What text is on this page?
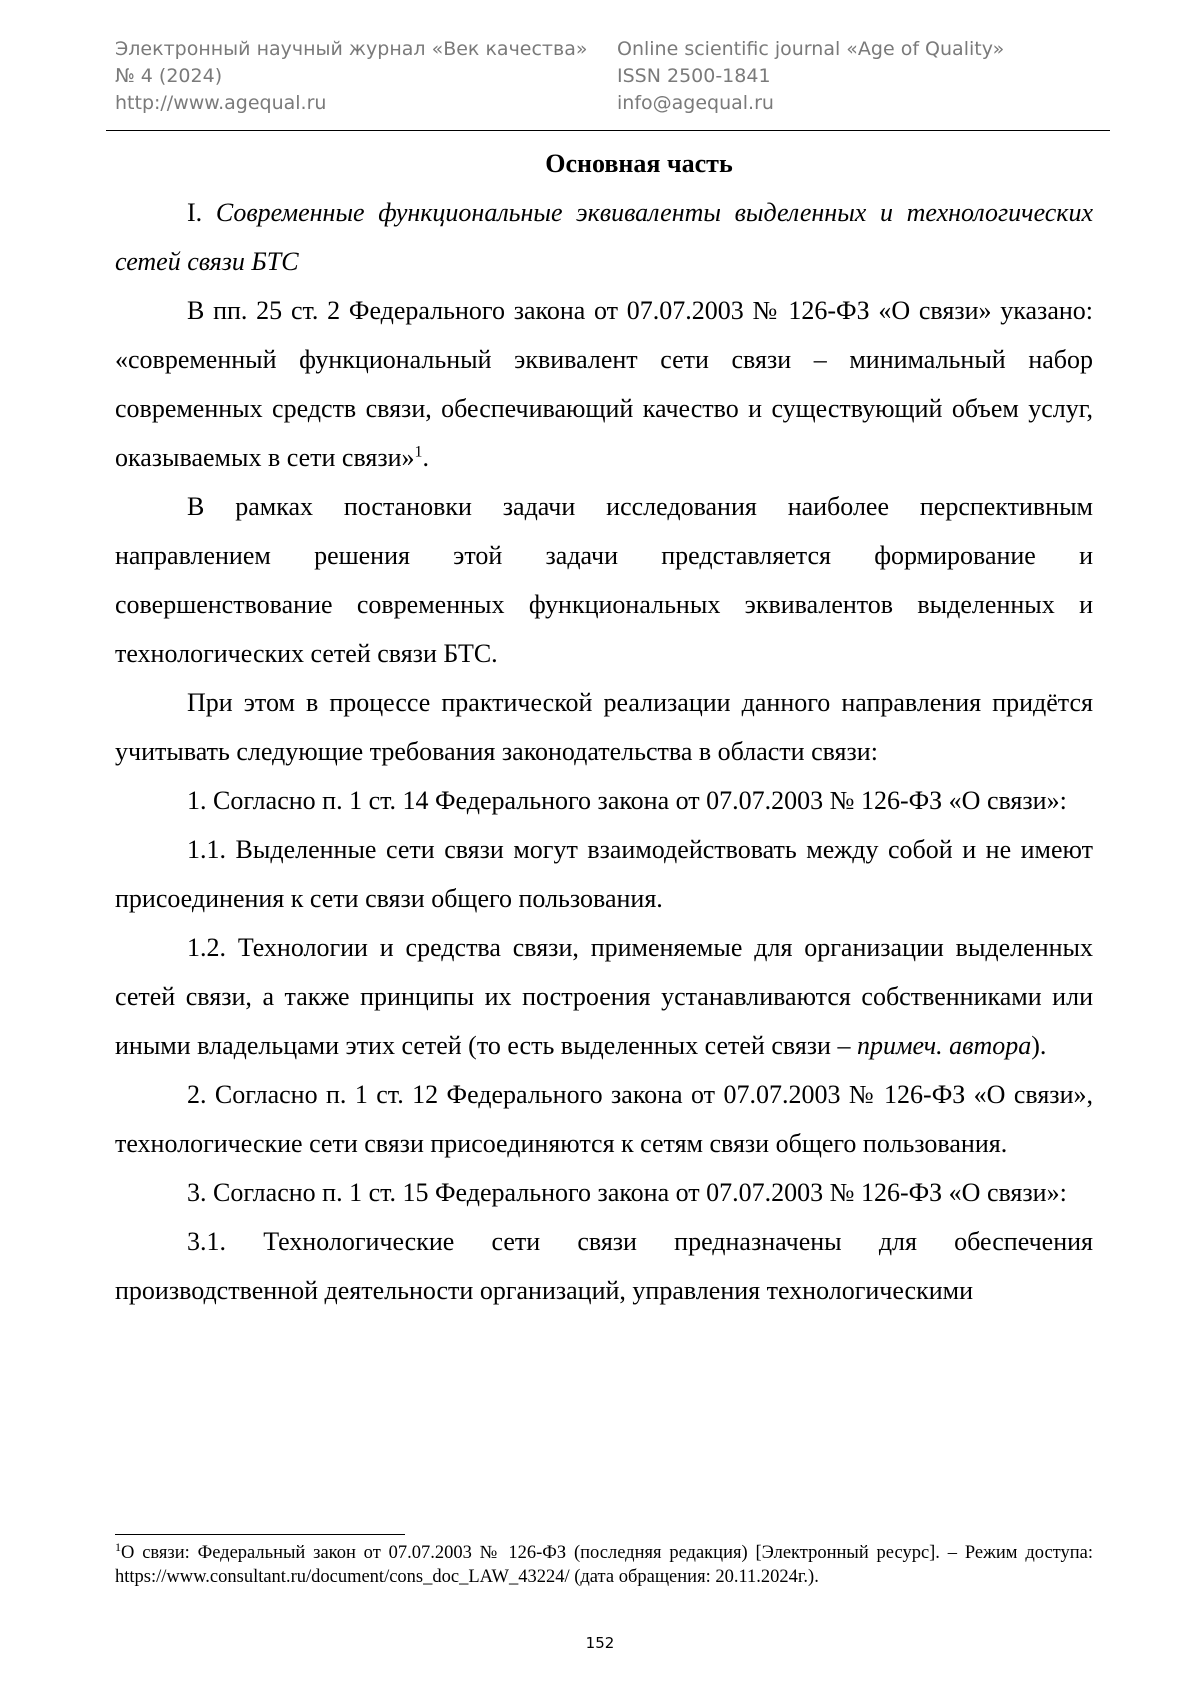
Электронный научный журнал «Век качества»
№ 4 (2024)
http://www.agequal.ru
Online scientific journal «Age of Quality»
ISSN 2500-1841
info@agequal.ru

Основная часть

I. Современные функциональные эквиваленты выделенных и технологических сетей связи БТС

В пп. 25 ст. 2 Федерального закона от 07.07.2003 № 126-ФЗ «О связи» указано: «современный функциональный эквивалент сети связи – минимальный набор современных средств связи, обеспечивающий качество и существующий объем услуг, оказываемых в сети связи»$^1$.

В рамках постановки задачи исследования наиболее перспективным направлением решения этой задачи представляется формирование и совершенствование современных функциональных эквивалентов выделенных и технологических сетей связи БТС.

При этом в процессе практической реализации данного направления придётся учитывать следующие требования законодательства в области связи:

1. Согласно п. 1 ст. 14 Федерального закона от 07.07.2003 № 126-ФЗ «О связи»:

1.1. Выделенные сети связи могут взаимодействовать между собой и не имеют присоединения к сети связи общего пользования.

1.2. Технологии и средства связи, применяемые для организации выделенных сетей связи, а также принципы их построения устанавливаются собственниками или иными владельцами этих сетей (то есть выделенных сетей связи – примеч. автора).

2. Согласно п. 1 ст. 12 Федерального закона от 07.07.2003 № 126-ФЗ «О связи», технологические сети связи присоединяются к сетям связи общего пользования.

3. Согласно п. 1 ст. 15 Федерального закона от 07.07.2003 № 126-ФЗ «О связи»:

3.1. Технологические сети связи предназначены для обеспечения производственной деятельности организаций, управления технологическими

$^1$О связи: Федеральный закон от 07.07.2003 № 126-ФЗ (последняя редакция) [Электронный ресурс]. – Режим доступа: https://www.consultant.ru/document/cons_doc_LAW_43224/ (дата обращения: 20.11.2024г.).
152
